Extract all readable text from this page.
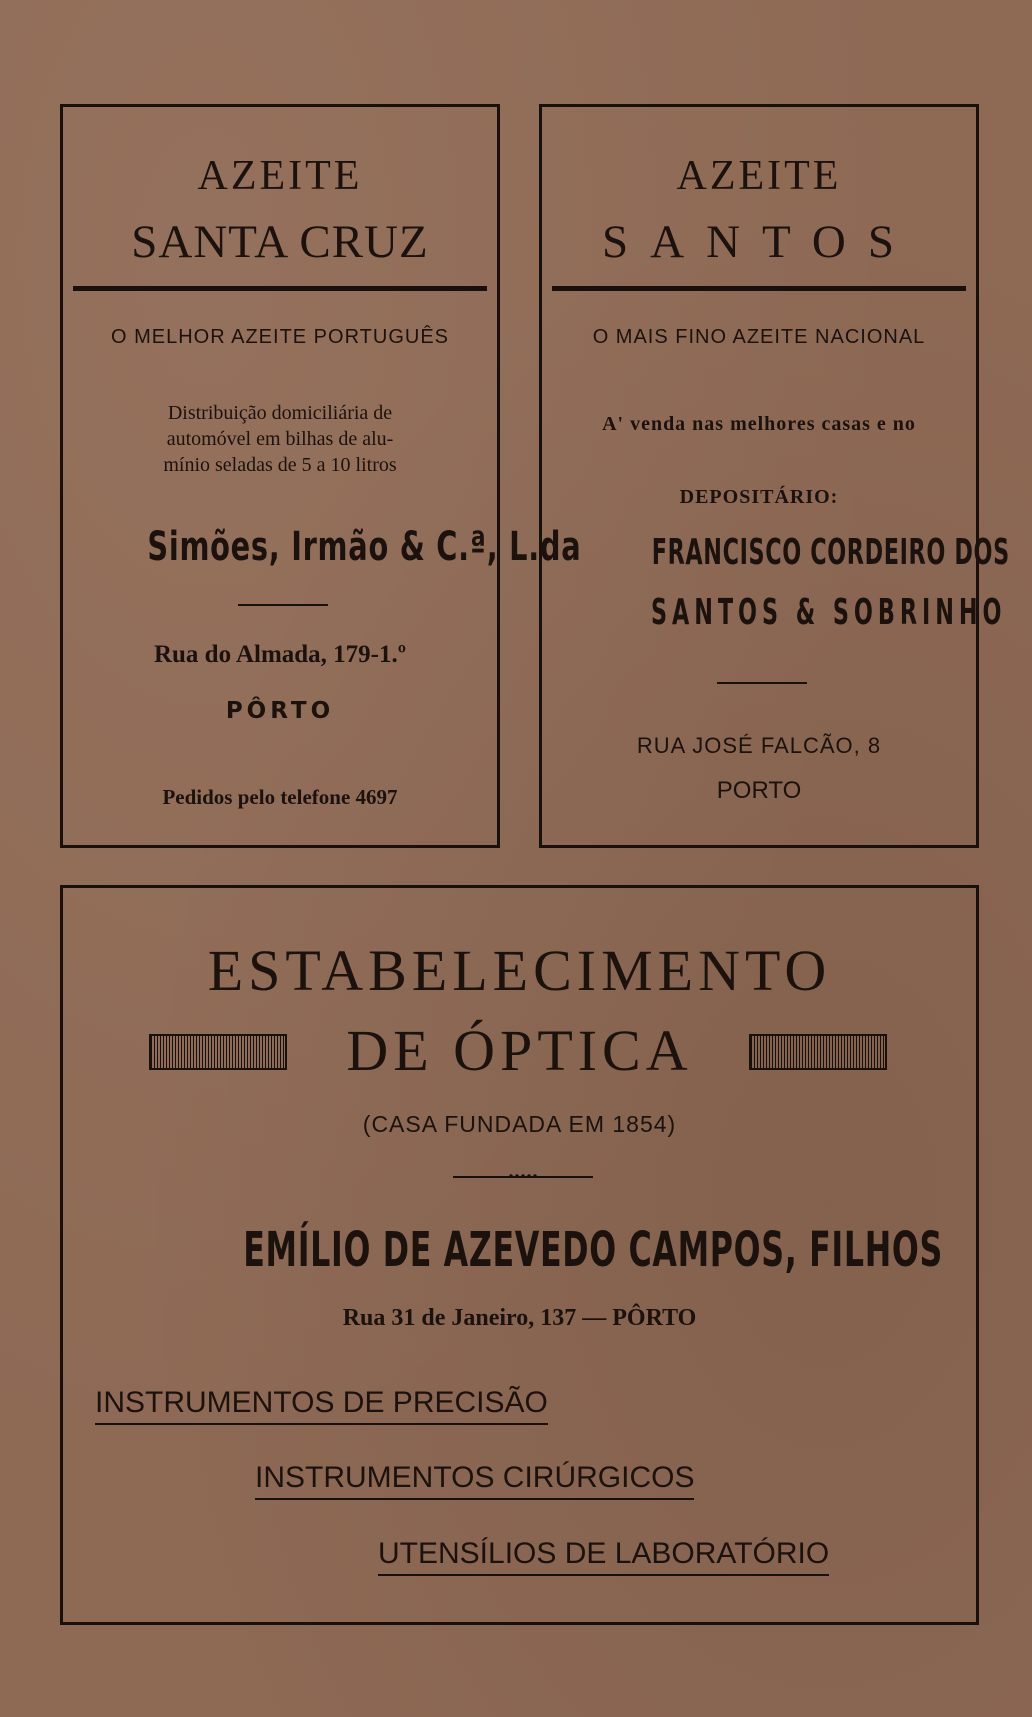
AZEITE
SANTA CRUZ
O MELHOR AZEITE PORTUGUÊS
Distribuição domiciliária de
automóvel em bilhas de alu-
mínio seladas de 5 a 10 litros
Simões, Irmão & C.ª, L.da
Rua do Almada, 179-1.º
PÔRTO
Pedidos pelo telefone 4697
AZEITE
SANTOS
O MAIS FINO AZEITE NACIONAL
A' venda nas melhores casas e no
DEPOSITÁRIO:
FRANCISCO CORDEIRO DOS
SANTOS & SOBRINHO
RUA JOSÉ FALCÃO, 8
PORTO
ESTABELECIMENTO
DE ÓPTICA
(CASA FUNDADA EM 1854)
EMÍLIO DE AZEVEDO CAMPOS, FILHOS
Rua 31 de Janeiro, 137 — PÔRTO
INSTRUMENTOS DE PRECISÃO
INSTRUMENTOS CIRÚRGICOS
UTENSÍLIOS DE LABORATÓRIO
